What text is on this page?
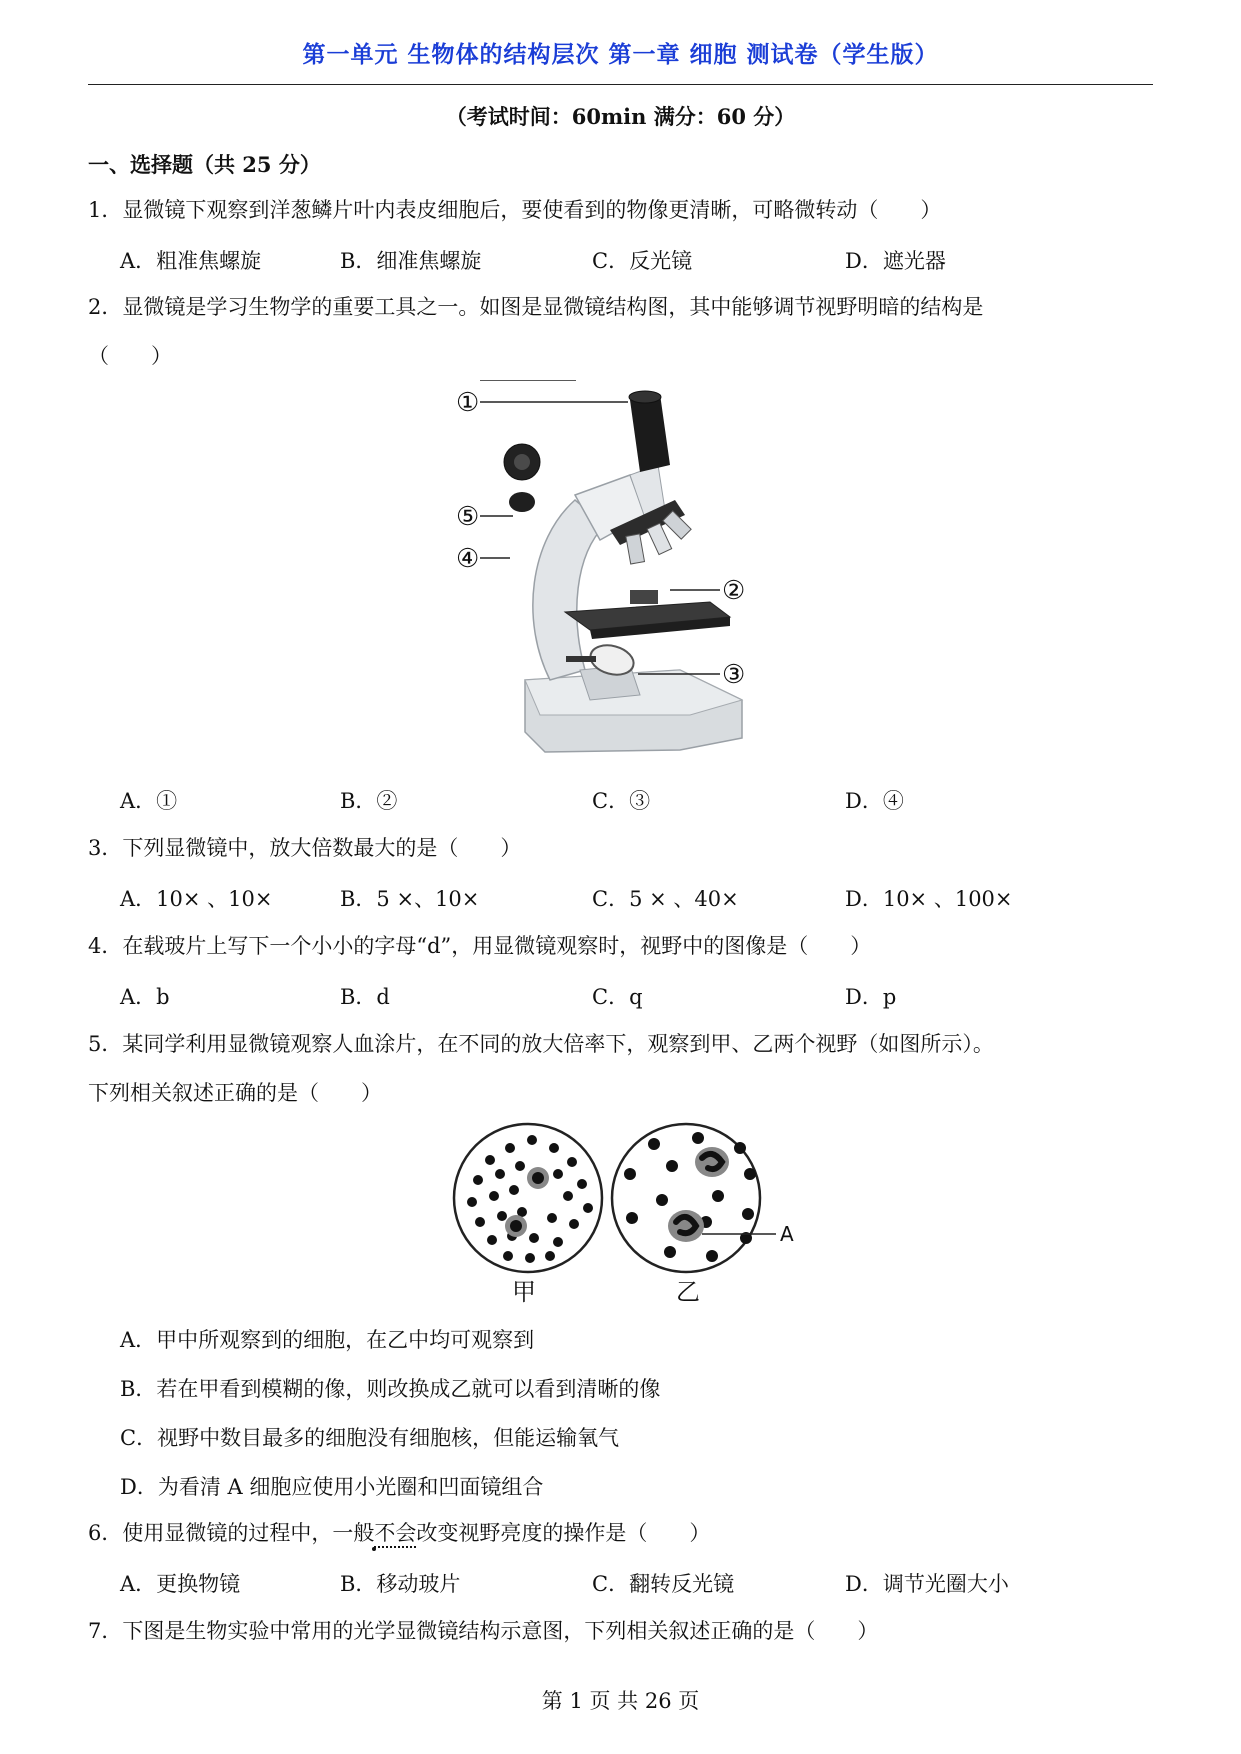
第一单元 生物体的结构层次 第一章 细胞 测试卷（学生版）
（考试时间：60min 满分：60 分）
一、选择题（共 25 分）
1．显微镜下观察到洋葱鳞片叶内表皮细胞后，要使看到的物像更清晰，可略微转动（　　）
A．粗准焦螺旋	B．细准焦螺旋	C．反光镜	D．遮光器
2．显微镜是学习生物学的重要工具之一。如图是显微镜结构图，其中能够调节视野明暗的结构是
（　　）
①
⑤
④
②
③
A．①	B．②	C．③	D．④
3．下列显微镜中，放大倍数最大的是（　　）
A．10× 、10×	B．5 ×、10×	C．5 × 、40×	D．10× 、100×
4．在载玻片上写下一个小小的字母“d”，用显微镜观察时，视野中的图像是（　　）
A．b	B．d	C．q	D．p
5．某同学利用显微镜观察人血涂片，在不同的放大倍率下，观察到甲、乙两个视野（如图所示）。
下列相关叙述正确的是（　　）
A
甲	乙
A．甲中所观察到的细胞，在乙中均可观察到
B．若在甲看到模糊的像，则改换成乙就可以看到清晰的像
C．视野中数目最多的细胞没有细胞核，但能运输氧气
D．为看清 A 细胞应使用小光圈和凹面镜组合
6．使用显微镜的过程中，一般不会改变视野亮度的操作是（　　）
A．更换物镜	B．移动玻片	C．翻转反光镜	D．调节光圈大小
7．下图是生物实验中常用的光学显微镜结构示意图，下列相关叙述正确的是（　　）
第 1 页 共 26 页
